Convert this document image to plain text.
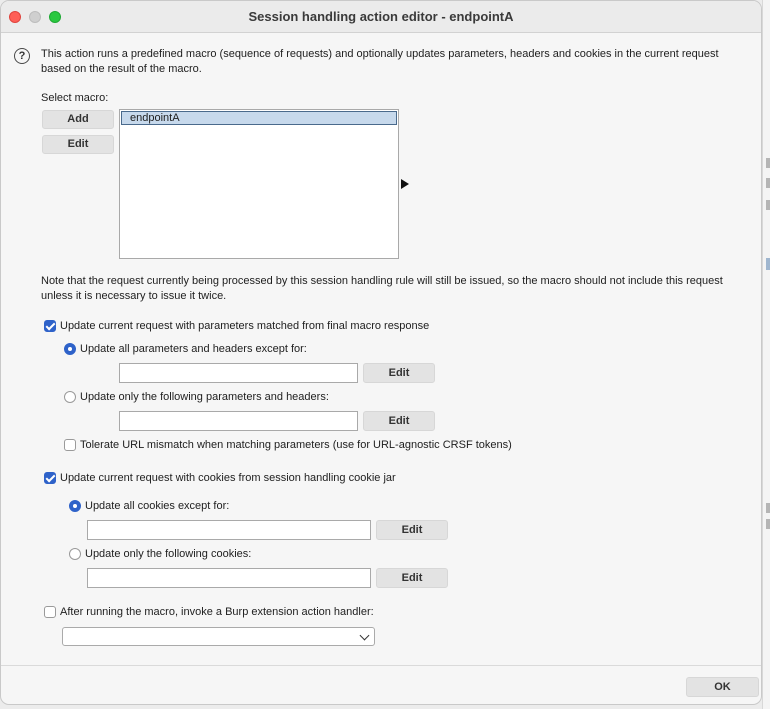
Session handling action editor - endpointA
?	This action runs a predefined macro (sequence of requests) and optionally updates parameters, headers and cookies in the current request based on the result of the macro.
Select macro:
Add
Edit
endpointA
Note that the request currently being processed by this session handling rule will still be issued, so the macro should not include this request unless it is necessary to issue it twice.
Update current request with parameters matched from final macro response
Update all parameters and headers except for:
Edit
Update only the following parameters and headers:
Edit
Tolerate URL mismatch when matching parameters (use for URL-agnostic CRSF tokens)
Update current request with cookies from session handling cookie jar
Update all cookies except for:
Edit
Update only the following cookies:
Edit
After running the macro, invoke a Burp extension action handler:
OK
